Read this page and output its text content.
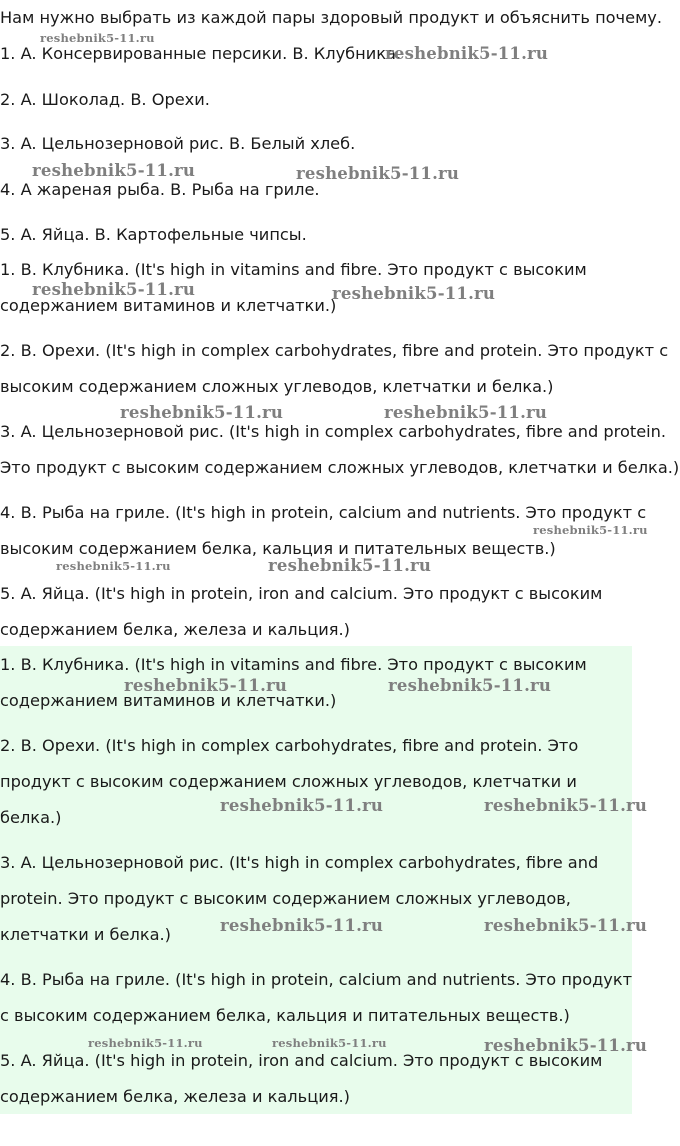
Нам нужно выбрать из каждой пары здоровый продукт и объяснить почему.
1. A. Консервированные персики. B. Клубника.
2. A. Шоколад. B. Орехи.
3. A. Цельнозерновой рис. B. Белый хлеб.
4. A жареная рыба. B. Рыба на гриле.
5. A. Яйца. B. Картофельные чипсы.
1. B. Клубника. (It's high in vitamins and fibre. Это продукт с высоким
содержанием витаминов и клетчатки.)
2. B. Орехи. (It's high in complex carbohydrates, fibre and protein. Это продукт с
высоким содержанием сложных углеводов, клетчатки и белка.)
3. A. Цельнозерновой рис. (It's high in complex carbohydrates, fibre and protein.
Это продукт с высоким содержанием сложных углеводов, клетчатки и белка.)
4. B. Рыба на гриле. (It's high in protein, calcium and nutrients. Это продукт с
высоким содержанием белка, кальция и питательных веществ.)
5. A. Яйца. (It's high in protein, iron and calcium. Это продукт с высоким
содержанием белка, железа и кальция.)
1. B. Клубника. (It's high in vitamins and fibre. Это продукт с высоким
содержанием витаминов и клетчатки.)
2. B. Орехи. (It's high in complex carbohydrates, fibre and protein. Это
продукт с высоким содержанием сложных углеводов, клетчатки и
белка.)
3. A. Цельнозерновой рис. (It's high in complex carbohydrates, fibre and
protein. Это продукт с высоким содержанием сложных углеводов,
клетчатки и белка.)
4. B. Рыба на гриле. (It's high in protein, calcium and nutrients. Это продукт
с высоким содержанием белка, кальция и питательных веществ.)
5. A. Яйца. (It's high in protein, iron and calcium. Это продукт с высоким
содержанием белка, железа и кальция.)
reshebnik5-11.ru
reshebnik5-11.ru
reshebnik5-11.ru	reshebnik5-11.ru
reshebnik5-11.ru	reshebnik5-11.ru
reshebnik5-11.ru	reshebnik5-11.ru
reshebnik5-11.ru
reshebnik5-11.ru	reshebnik5-11.ru
reshebnik5-11.ru	reshebnik5-11.ru
reshebnik5-11.ru	reshebnik5-11.ru
reshebnik5-11.ru	reshebnik5-11.ru
reshebnik5-11.ru	reshebnik5-11.ru	reshebnik5-11.ru
